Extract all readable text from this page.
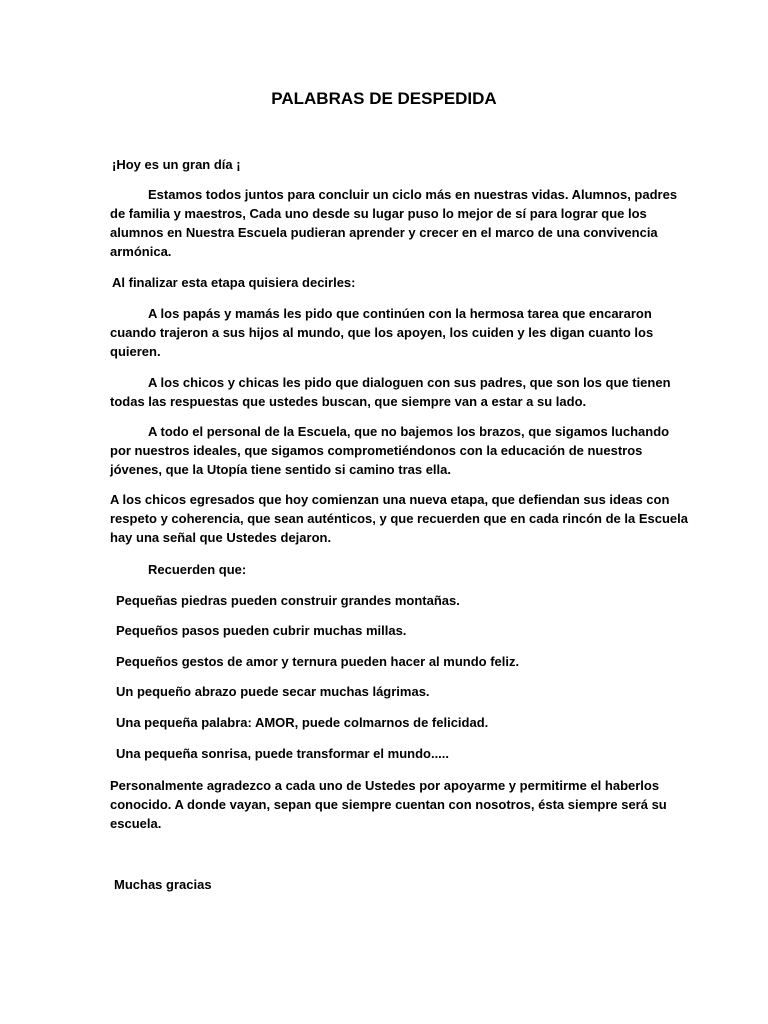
PALABRAS DE DESPEDIDA

¡Hoy es un gran día ¡

Estamos todos juntos para concluir un ciclo más en nuestras vidas. Alumnos, padres

de familia y maestros, Cada uno desde su lugar puso lo mejor de sí para lograr que los

alumnos en Nuestra Escuela pudieran aprender y crecer en el marco de una convivencia

armónica.

Al finalizar esta etapa quisiera decirles:

A los papás y mamás les pido que continúen con la hermosa tarea que encararon

cuando trajeron a sus hijos al mundo, que los apoyen, los cuiden y les digan cuanto los

quieren.

A los chicos y chicas les pido que dialoguen con sus padres, que son los que tienen

todas las respuestas que ustedes buscan, que siempre van a estar a su lado.

A todo el personal de la Escuela, que no bajemos los brazos, que sigamos luchando

por nuestros ideales, que sigamos comprometiéndonos con la educación de nuestros

jóvenes, que la Utopía tiene sentido si camino tras ella.

A los chicos egresados que hoy comienzan una nueva etapa, que defiendan sus ideas con

respeto y coherencia, que sean auténticos, y que recuerden que en cada rincón de la Escuela

hay una señal que Ustedes dejaron.

Recuerden que:

Pequeñas piedras pueden construir grandes montañas.

Pequeños pasos pueden cubrir muchas millas.

Pequeños gestos de amor y ternura pueden hacer al mundo feliz.

Un pequeño abrazo puede secar muchas lágrimas.

Una pequeña palabra: AMOR, puede colmarnos de felicidad.

Una pequeña sonrisa, puede transformar el mundo.....

Personalmente agradezco a cada uno de Ustedes por apoyarme y permitirme el haberlos

conocido. A donde vayan, sepan que siempre cuentan con nosotros, ésta siempre será su

escuela.

Muchas gracias
